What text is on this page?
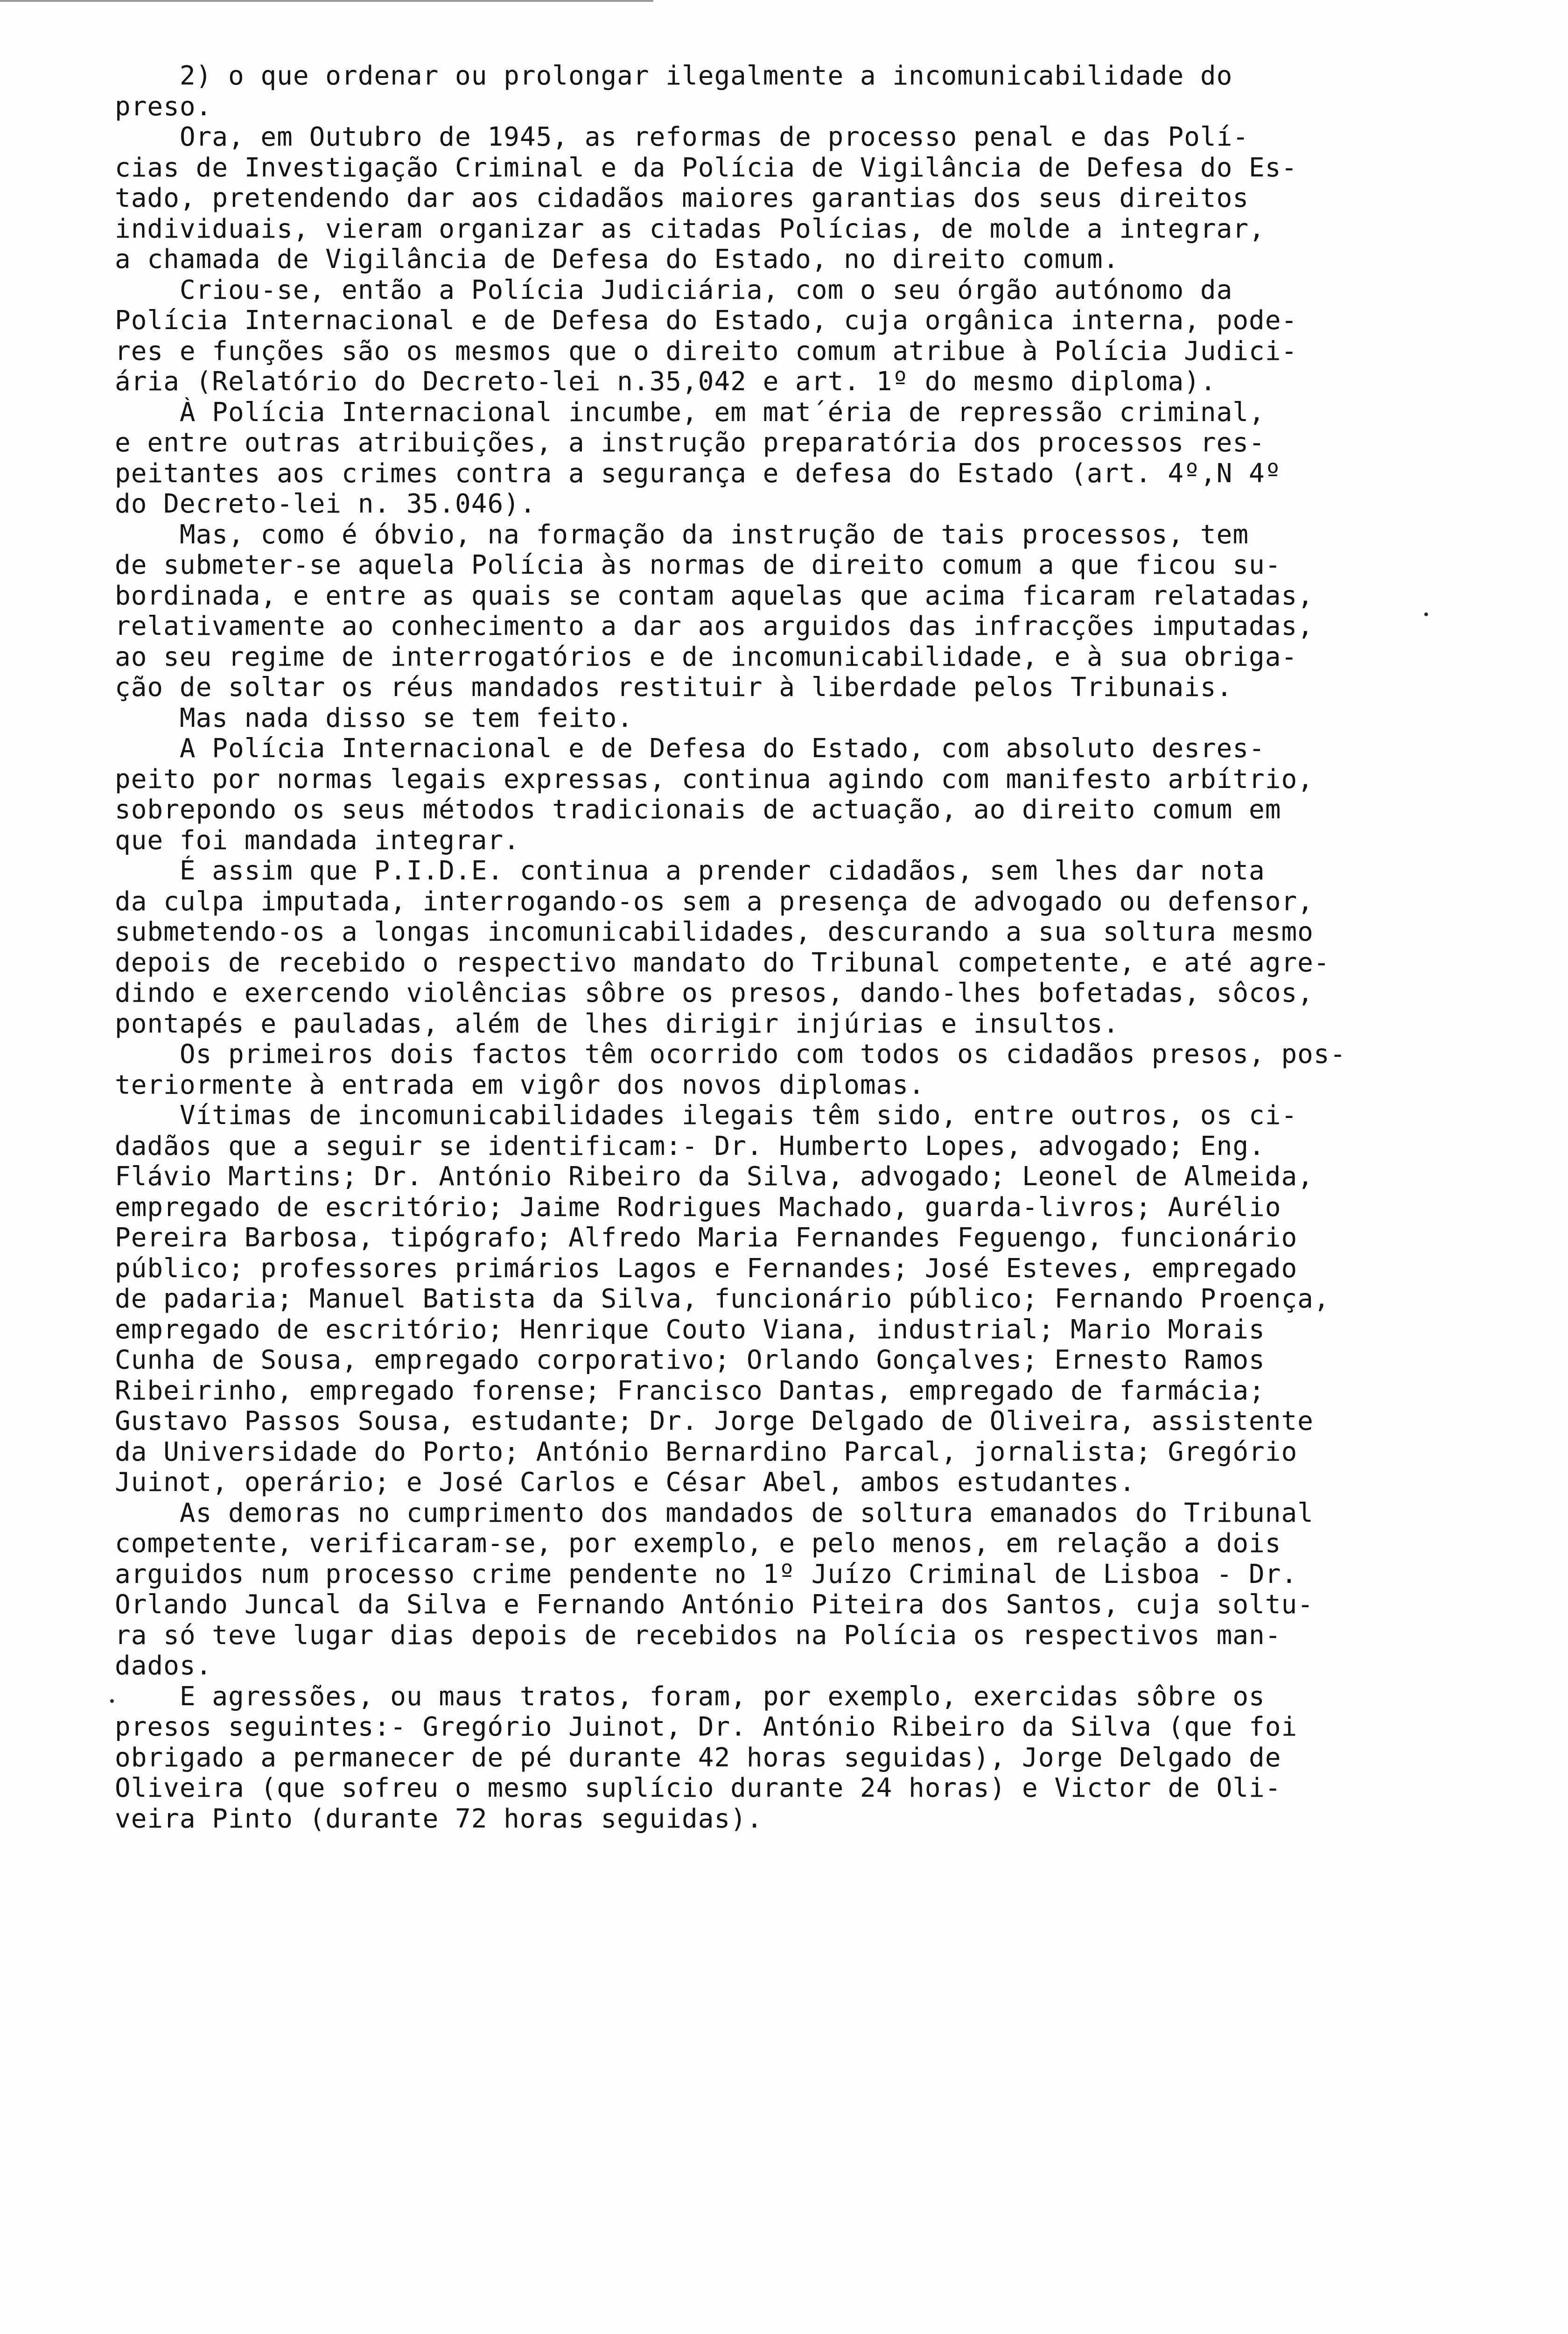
2) o que ordenar ou prolongar ilegalmente a incomunicabilidade do
preso.
Ora, em Outubro de 1945, as reformas de processo penal e das Polí-
cias de Investigação Criminal e da Polícia de Vigilância de Defesa do Es-
tado, pretendendo dar aos cidadãos maiores garantias dos seus direitos
individuais, vieram organizar as citadas Polícias, de molde a integrar,
a chamada de Vigilância de Defesa do Estado, no direito comum.
Criou-se, então a Polícia Judiciária, com o seu órgão autónomo da
Polícia Internacional e de Defesa do Estado, cuja orgânica interna, pode-
res e funções são os mesmos que o direito comum atribue à Polícia Judici-
ária (Relatório do Decreto-lei n.35,042 e art. 1º do mesmo diploma).
À Polícia Internacional incumbe, em mat´éria de repressão criminal,
e entre outras atribuições, a instrução preparatória dos processos res-
peitantes aos crimes contra a segurança e defesa do Estado (art. 4º,N 4º
do Decreto-lei n. 35.046).
Mas, como é óbvio, na formação da instrução de tais processos, tem
de submeter-se aquela Polícia às normas de direito comum a que ficou su-
bordinada, e entre as quais se contam aquelas que acima ficaram relatadas,
relativamente ao conhecimento a dar aos arguidos das infracções imputadas,
ao seu regime de interrogatórios e de incomunicabilidade, e à sua obriga-
ção de soltar os réus mandados restituir à liberdade pelos Tribunais.
Mas nada disso se tem feito.
A Polícia Internacional e de Defesa do Estado, com absoluto desres-
peito por normas legais expressas, continua agindo com manifesto arbítrio,
sobrepondo os seus métodos tradicionais de actuação, ao direito comum em
que foi mandada integrar.
É assim que P.I.D.E. continua a prender cidadãos, sem lhes dar nota
da culpa imputada, interrogando-os sem a presença de advogado ou defensor,
submetendo-os a longas incomunicabilidades, descurando a sua soltura mesmo
depois de recebido o respectivo mandato do Tribunal competente, e até agre-
dindo e exercendo violências sôbre os presos, dando-lhes bofetadas, sôcos,
pontapés e pauladas, além de lhes dirigir injúrias e insultos.
Os primeiros dois factos têm ocorrido com todos os cidadãos presos, pos-
teriormente à entrada em vigôr dos novos diplomas.
Vítimas de incomunicabilidades ilegais têm sido, entre outros, os ci-
dadãos que a seguir se identificam:- Dr. Humberto Lopes, advogado; Eng.
Flávio Martins; Dr. António Ribeiro da Silva, advogado; Leonel de Almeida,
empregado de escritório; Jaime Rodrigues Machado, guarda-livros; Aurélio
Pereira Barbosa, tipógrafo; Alfredo Maria Fernandes Feguengo, funcionário
público; professores primários Lagos e Fernandes; José Esteves, empregado
de padaria; Manuel Batista da Silva, funcionário público; Fernando Proença,
empregado de escritório; Henrique Couto Viana, industrial; Mario Morais
Cunha de Sousa, empregado corporativo; Orlando Gonçalves; Ernesto Ramos
Ribeirinho, empregado forense; Francisco Dantas, empregado de farmácia;
Gustavo Passos Sousa, estudante; Dr. Jorge Delgado de Oliveira, assistente
da Universidade do Porto; António Bernardino Parcal, jornalista; Gregório
Juinot, operário; e José Carlos e César Abel, ambos estudantes.
As demoras no cumprimento dos mandados de soltura emanados do Tribunal
competente, verificaram-se, por exemplo, e pelo menos, em relação a dois
arguidos num processo crime pendente no 1º Juízo Criminal de Lisboa - Dr.
Orlando Juncal da Silva e Fernando António Piteira dos Santos, cuja soltu-
ra só teve lugar dias depois de recebidos na Polícia os respectivos man-
dados.
E agressões, ou maus tratos, foram, por exemplo, exercidas sôbre os
presos seguintes:- Gregório Juinot, Dr. António Ribeiro da Silva (que foi
obrigado a permanecer de pé durante 42 horas seguidas), Jorge Delgado de
Oliveira (que sofreu o mesmo suplício durante 24 horas) e Victor de Oli-
veira Pinto (durante 72 horas seguidas).
